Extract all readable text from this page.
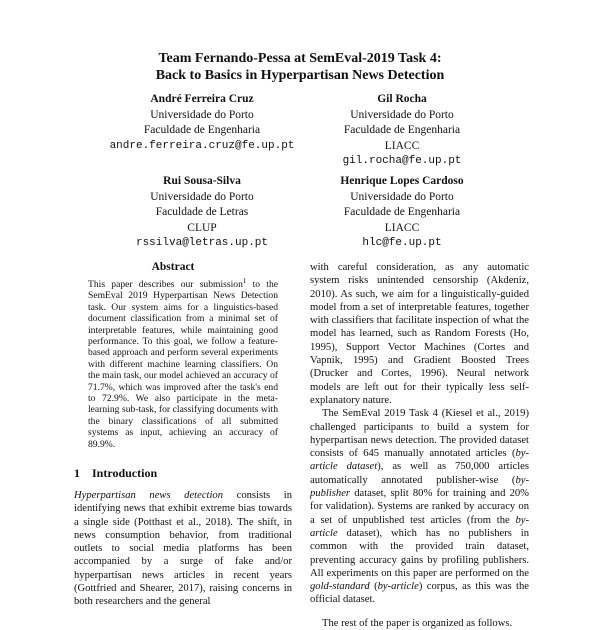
Team Fernando-Pessa at SemEval-2019 Task 4:
Back to Basics in Hyperpartisan News Detection
André Ferreira Cruz
Universidade do Porto
Faculdade de Engenharia
andre.ferreira.cruz@fe.up.pt
Gil Rocha
Universidade do Porto
Faculdade de Engenharia
LIACC
gil.rocha@fe.up.pt
Rui Sousa-Silva
Universidade do Porto
Faculdade de Letras
CLUP
rssilva@letras.up.pt
Henrique Lopes Cardoso
Universidade do Porto
Faculdade de Engenharia
LIACC
hlc@fe.up.pt
Abstract
This paper describes our submission$^1$ to the SemEval 2019 Hyperpartisan News Detection task. Our system aims for a linguistics-based document classification from a minimal set of interpretable features, while maintaining good performance. To this goal, we follow a feature-based approach and perform several experiments with different machine learning classifiers. On the main task, our model achieved an accuracy of 71.7%, which was improved after the task's end to 72.9%. We also participate in the meta-learning sub-task, for classifying documents with the binary classifications of all submitted systems as input, achieving an accuracy of 89.9%.
1 Introduction
Hyperpartisan news detection consists in identifying news that exhibit extreme bias towards a single side (Potthast et al., 2018). The shift, in news consumption behavior, from traditional outlets to social media platforms has been accompanied by a surge of fake and/or hyperpartisan news articles in recent years (Gottfried and Shearer, 2017), raising concerns in both researchers and the general

with careful consideration, as any automatic system risks unintended censorship (Akdeniz, 2010). As such, we aim for a linguistically-guided model from a set of interpretable features, together with classifiers that facilitate inspection of what the model has learned, such as Random Forests (Ho, 1995), Support Vector Machines (Cortes and Vapnik, 1995) and Gradient Boosted Trees (Drucker and Cortes, 1996). Neural network models are left out for their typically less self-explanatory nature.

The SemEval 2019 Task 4 (Kiesel et al., 2019) challenged participants to build a system for hyperpartisan news detection. The provided dataset consists of 645 manually annotated articles (by-article dataset), as well as 750,000 articles automatically annotated publisher-wise (by-publisher dataset, split 80% for training and 20% for validation). Systems are ranked by accuracy on a set of unpublished test articles (from the by-article dataset), which has no publishers in common with the provided train dataset, preventing accuracy gains by profiling publishers. All experiments on this paper are performed on the gold-standard (by-article) corpus, as this was the official dataset.

The rest of the paper is organized as follows.
